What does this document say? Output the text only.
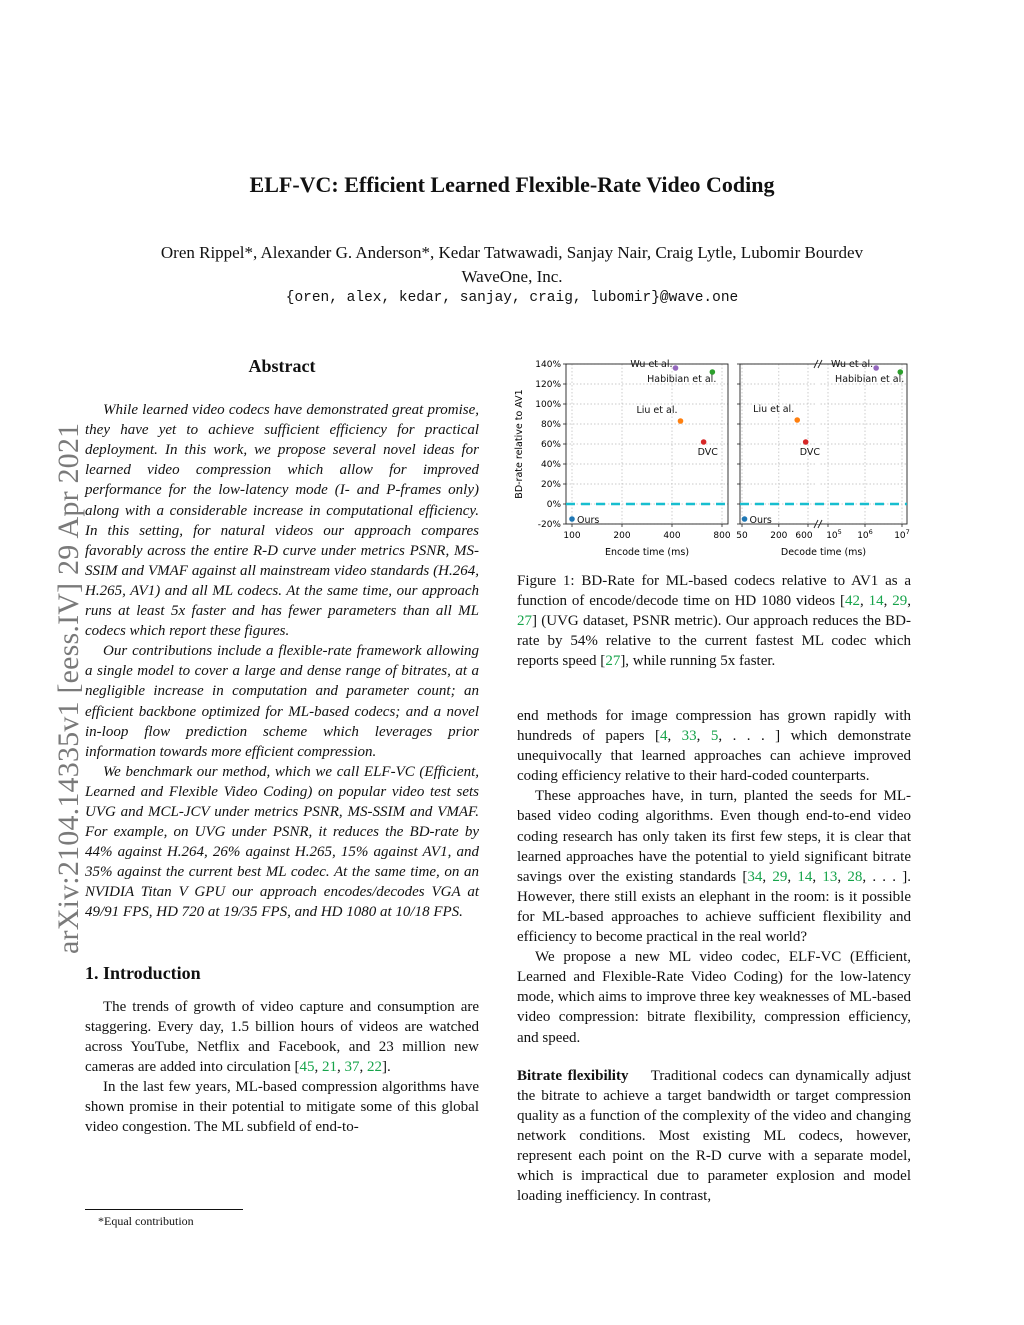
arXiv:2104.14335v1 [eess.IV] 29 Apr 2021
ELF-VC: Efficient Learned Flexible-Rate Video Coding
Oren Rippel*, Alexander G. Anderson*, Kedar Tatwawadi, Sanjay Nair, Craig Lytle, Lubomir Bourdev
WaveOne, Inc.
{oren, alex, kedar, sanjay, craig, lubomir}@wave.one
Abstract

While learned video codecs have demonstrated great promise, they have yet to achieve sufficient efficiency for practical deployment. In this work, we propose several novel ideas for learned video compression which allow for improved performance for the low-latency mode (I- and P-frames only) along with a considerable increase in computational efficiency. In this setting, for natural videos our approach compares favorably across the entire R-D curve under metrics PSNR, MS-SSIM and VMAF against all mainstream video standards (H.264, H.265, AV1) and all ML codecs. At the same time, our approach runs at least 5x faster and has fewer parameters than all ML codecs which report these figures.

Our contributions include a flexible-rate framework allowing a single model to cover a large and dense range of bitrates, at a negligible increase in computation and parameter count; an efficient backbone optimized for ML-based codecs; and a novel in-loop flow prediction scheme which leverages prior information towards more efficient compression.

We benchmark our method, which we call ELF-VC (Efficient, Learned and Flexible Video Coding) on popular video test sets UVG and MCL-JCV under metrics PSNR, MS-SSIM and VMAF. For example, on UVG under PSNR, it reduces the BD-rate by 44% against H.264, 26% against H.265, 15% against AV1, and 35% against the current best ML codec. At the same time, on an NVIDIA Titan V GPU our approach encodes/decodes VGA at 49/91 FPS, HD 720 at 19/35 FPS, and HD 1080 at 10/18 FPS.

1. Introduction

The trends of growth of video capture and consumption are staggering. Every day, 1.5 billion hours of videos are watched across YouTube, Netflix and Facebook, and 23 million new cameras are added into circulation [45, 21, 37, 22].

In the last few years, ML-based compression algorithms have shown promise in their potential to mitigate some of this global video congestion. The ML subfield of end-to-

*Equal contribution
-20%
0%
20%
40%
60%
80%
100%
120%
140%
100	200	400	800
Ours
Liu et al.
DVC
Wu et al.
Habibian et al.
Encode time (ms)
BD-rate relative to AV1
50	200 600 $10^5$ $10^6$ $10^7$
Ours
Liu et al.
DVC
Wu et al.
Habibian et al.
Decode time (ms)
Figure 1: BD-Rate for ML-based codecs relative to AV1 as a function of encode/decode time on HD 1080 videos [42, 14, 29, 27] (UVG dataset, PSNR metric). Our approach reduces the BD-rate by 54% relative to the current fastest ML codec which reports speed [27], while running 5x faster.

end methods for image compression has grown rapidly with hundreds of papers [4, 33, 5, . . . ] which demonstrate unequivocally that learned approaches can achieve improved coding efficiency relative to their hard-coded counterparts.

These approaches have, in turn, planted the seeds for ML-based video coding algorithms. Even though end-to-end video coding research has only taken its first few steps, it is clear that learned approaches have the potential to yield significant bitrate savings over the existing standards [34, 29, 14, 13, 28, . . . ]. However, there still exists an elephant in the room: is it possible for ML-based approaches to achieve sufficient flexibility and efficiency to become practical in the real world?

We propose a new ML video codec, ELF-VC (Efficient, Learned and Flexible-Rate Video Coding) for the low-latency mode, which aims to improve three key weaknesses of ML-based video compression: bitrate flexibility, compression efficiency, and speed.

Bitrate flexibility Traditional codecs can dynamically adjust the bitrate to achieve a target bandwidth or target compression quality as a function of the complexity of the video and changing network conditions. Most existing ML codecs, however, represent each point on the R-D curve with a separate model, which is impractical due to parameter explosion and model loading inefficiency. In contrast,
